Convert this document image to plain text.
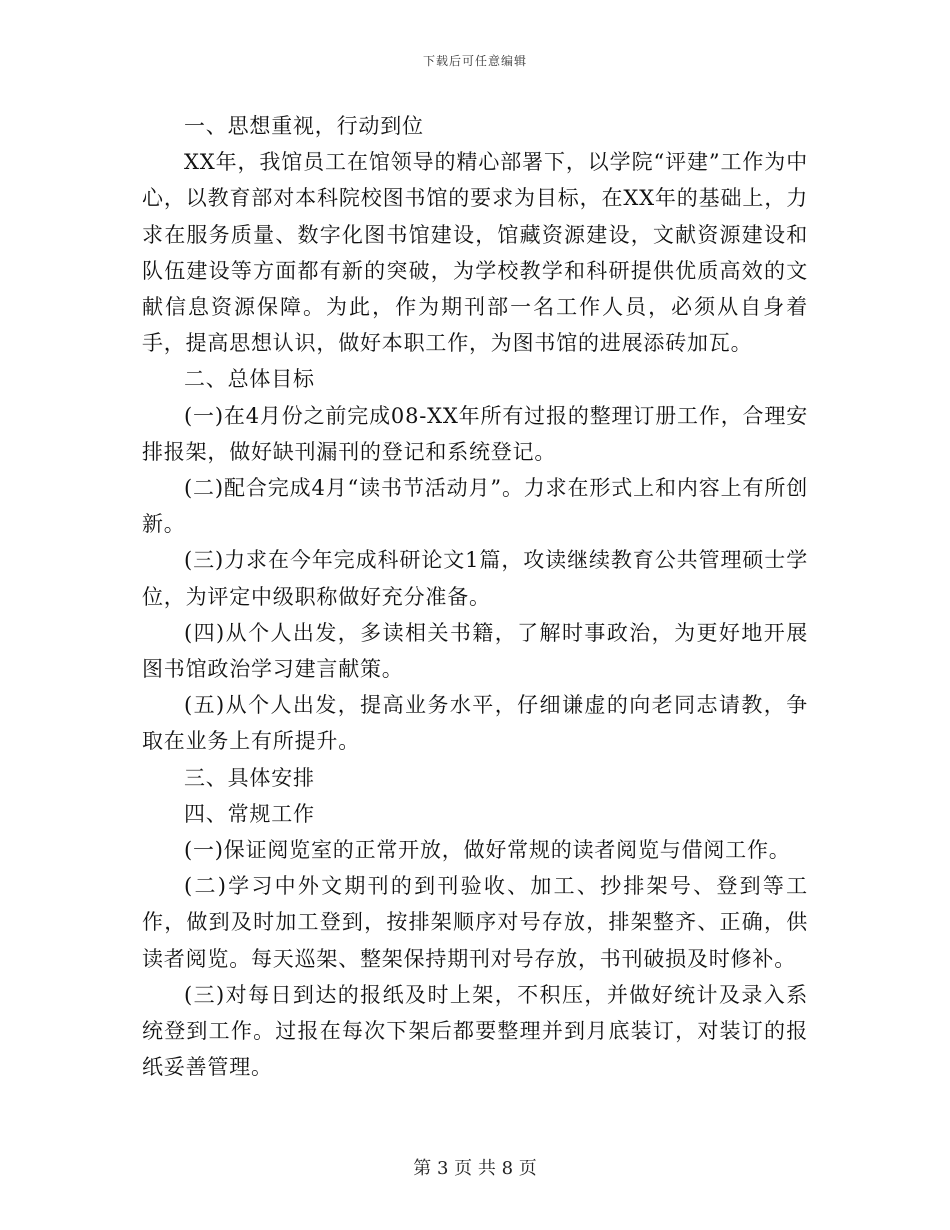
下载后可任意编辑

一、思想重视，行动到位

XX年，我馆员工在馆领导的精心部署下，以学院“评建”工作为中心，以教育部对本科院校图书馆的要求为目标，在XX年的基础上，力求在服务质量、数字化图书馆建设，馆藏资源建设，文献资源建设和队伍建设等方面都有新的突破，为学校教学和科研提供优质高效的文献信息资源保障。为此，作为期刊部一名工作人员，必须从自身着手，提高思想认识，做好本职工作，为图书馆的进展添砖加瓦。

二、总体目标

(一)在4月份之前完成08-XX年所有过报的整理订册工作，合理安排报架，做好缺刊漏刊的登记和系统登记。

(二)配合完成4月“读书节活动月”。力求在形式上和内容上有所创新。

(三)力求在今年完成科研论文1篇，攻读继续教育公共管理硕士学位，为评定中级职称做好充分准备。

(四)从个人出发，多读相关书籍，了解时事政治，为更好地开展图书馆政治学习建言献策。

(五)从个人出发，提高业务水平，仔细谦虚的向老同志请教，争取在业务上有所提升。

三、具体安排

四、常规工作

(一)保证阅览室的正常开放，做好常规的读者阅览与借阅工作。

(二)学习中外文期刊的到刊验收、加工、抄排架号、登到等工作，做到及时加工登到，按排架顺序对号存放，排架整齐、正确，供读者阅览。每天巡架、整架保持期刊对号存放，书刊破损及时修补。

(三)对每日到达的报纸及时上架，不积压，并做好统计及录入系统登到工作。过报在每次下架后都要整理并到月底装订，对装订的报纸妥善管理。

第 3 页 共 8 页
